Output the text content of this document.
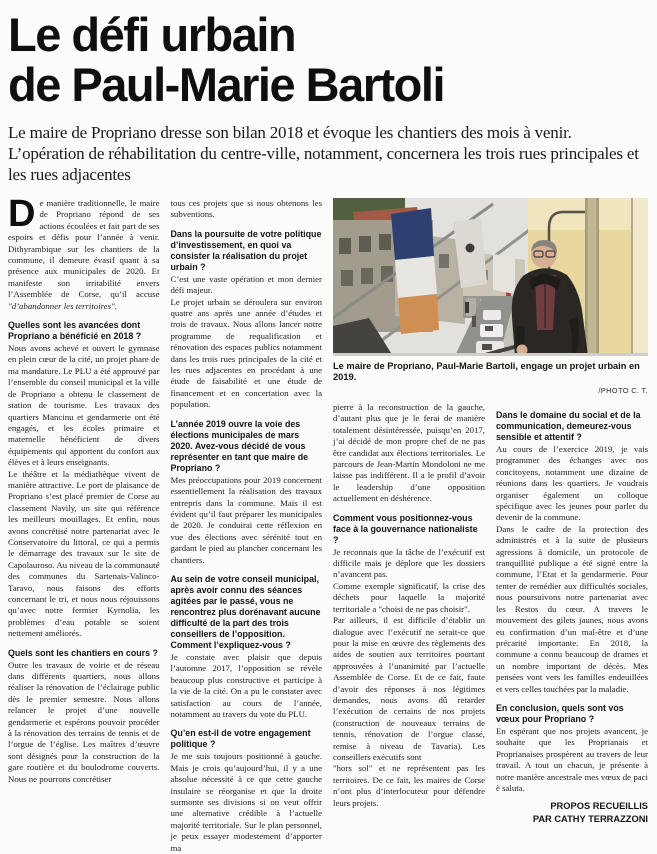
Le défi urbain
de Paul-Marie Bartoli
Le maire de Propriano dresse son bilan 2018 et évoque les chantiers des mois à venir. L’opération de réhabilitation du centre-ville, notamment, concernera les trois rues principales et les rues adjacentes

De manière traditionnelle, le maire de Propriano répond de ses actions écoulées et fait part de ses espoirs et défis pour l’année à venir. Dithyrambique sur les chantiers de la commune, il demeure évasif quant à sa présence aux municipales de 2020. Et manifeste son irritabilité envers l’Assemblée de Corse, qu’il accuse "d’abandonner les territoires".

Quelles sont les avancées dont Propriano a bénéficié en 2018 ?

Nous avons achevé et ouvert le gymnase en plein cœur de la cité, un projet phare de ma mandature. Le PLU a été approuvé par l’ensemble du conseil municipal et la ville de Propriano a obtenu le classement de station de tourisme. Les travaux des quartiers Mancinu et gendarmerie ont été engagés, et les écoles primaire et maternelle bénéficient de divers équipements qui apportent du confort aux élèves et à leurs enseignants.

Le théâtre et la médiathèque vivent de manière attractive. Le port de plaisance de Propriano s’est placé premier de Corse au classement Navily, un site qui référence les meilleurs mouillages. Et enfin, nous avons concrétisé notre partenariat avec le Conservatoire du littoral, ce qui a permis le démarrage des travaux sur le site de Capolauroso. Au niveau de la communauté des communes du Sartenais-Valinco-Taravo, nous faisons des efforts concernant le tri, et nous nous réjouissons qu’avec notre fermier Kyrnolia, les problèmes d’eau potable se soient nettement améliorés.

Quels sont les chantiers en cours ?

Outre les travaux de voirie et de réseau dans différents quartiers, nous allons réaliser la rénovation de l’éclairage public dès le premier semestre. Nous allons relancer le projet d’une nouvelle gendarmerie et espérons pouvoir procéder à la rénovation des terrains de tennis et de l’orgue de l’église. Les maîtres d’œuvre sont désignés pour la construction de la gare routière et du boulodrome couverts. Nous ne pourrons concrétiser

tous ces projets que si nous obtenons les subventions.

Dans la poursuite de votre politique d’investissement, en quoi va consister la réalisation du projet urbain ?

C’est une vaste opération et mon dernier défi majeur.

Le projet urbain se déroulera sur environ quatre ans après une année d’études et trois de travaux. Nous allons lancer notre programme de requalification et rénovation des espaces publics notamment dans les trois rues principales de la cité et les rues adjacentes en procédant à une étude de faisabilité et une étude de financement et en concertation avec la population.

L’année 2019 ouvre la voie des élections municipales de mars 2020. Avez-vous décidé de vous représenter en tant que maire de Propriano ?

Mes préoccupations pour 2019 concernent essentiellement la réalisation des travaux entrepris dans la commune. Mais il est évident qu’il faut préparer les municipales de 2020. Je conduirai cette réflexion en vue des élections avec sérénité tout en gardant le pied au plancher concernant les chantiers.

Au sein de votre conseil municipal, après avoir connu des séances agitées par le passé, vous ne rencontrez plus dorénavant aucune difficulté de la part des trois conseillers de l’opposition. Comment l’expliquez-vous ?

Je constate avec plaisir que depuis l’automne 2017, l’opposition se révèle beaucoup plus constructive et participe à la vie de la cité. On a pu le constater avec satisfaction au cours de l’année, notamment au travers du vote du PLU.

Qu’en est-il de votre engagement politique ?

Je me suis toujours positionné à gauche. Mais je crois qu’aujourd’hui, il y a une absolue nécessité à ce que cette gauche insulaire se réorganise et que la droite surmonte ses divisions si on veut offrir une alternative crédible à l’actuelle majorité territoriale. Sur le plan personnel, je peux essayer modestement d’apporter ma

Le maire de Propriano, Paul-Marie Bartoli, engage un projet urbain en 2019.
/PHOTO C. T.

pierre à la reconstruction de la gauche, d’autant plus que je le ferai de manière totalement désintéressée, puisqu’en 2017, j’ai décidé de mon propre chef de ne pas être candidat aux élections territoriales. Le parcours de Jean-Martin Mondoloni ne me laisse pas indifférent. Il a le profil d’avoir le leadership d’une opposition actuellement en déshérence.

Comment vous positionnez-vous face à la gouvernance nationaliste ?

Je reconnais que la tâche de l’exécutif est difficile mais je déplore que les dossiers n’avancent pas.

Comme exemple significatif, la crise des déchets pour laquelle la majorité territoriale a "choisi de ne pas choisir".

Par ailleurs, il est difficile d’établir un dialogue avec l’exécutif ne serait-ce que pour la mise en œuvre des règlements des aides de soutien aux territoires pourtant approuvées à l’unanimité par l’actuelle Assemblée de Corse. Et de ce fait, faute d’avoir des réponses à nos légitimes demandes, nous avons dû retarder l’exécution de certains de nos projets (construction de nouveaux terrains de tennis, rénovation de l’orgue classé, remise à niveau de Tavaria). Les conseillers exécutifs sont

"hors sol" et ne représentent pas les territoires. De ce fait, les maires de Corse n’ont plus d’interlocuteur pour défendre leurs projets.

Dans le domaine du social et de la communication, demeurez-vous sensible et attentif ?

Au cours de l’exercice 2019, je vais programmer des échanges avec nos concitoyens, notamment une dizaine de réunions dans les quartiers. Je voudrais organiser également un colloque spécifique avec les jeunes pour parler du devenir de la commune.

Dans le cadre de la protection des administrés et à la suite de plusieurs agressions à domicile, un protocole de tranquillité publique a été signé entre la commune, l’Etat et la gendarmerie. Pour tenter de remédier aux difficultés sociales, nous poursuivons notre partenariat avec les Restos du cœur. A travers le mouvement des gilets jaunes, nous avons eu confirmation d’un mal-être et d’une précarité importante. En 2018, la commune a connu beaucoup de drames et un nombre important de décès. Mes pensées vont vers les familles endeuillées et vers celles touchées par la maladie.

En conclusion, quels sont vos vœux pour Propriano ?

En espérant que nos projets avancent, je souhaite que les Proprianais et Proprianaises prospèrent au travers de leur travail. A tout un chacun, je présente à notre manière ancestrale mes vœux de paci è saluta.

PROPOS RECUEILLIS
PAR CATHY TERRAZZONI
